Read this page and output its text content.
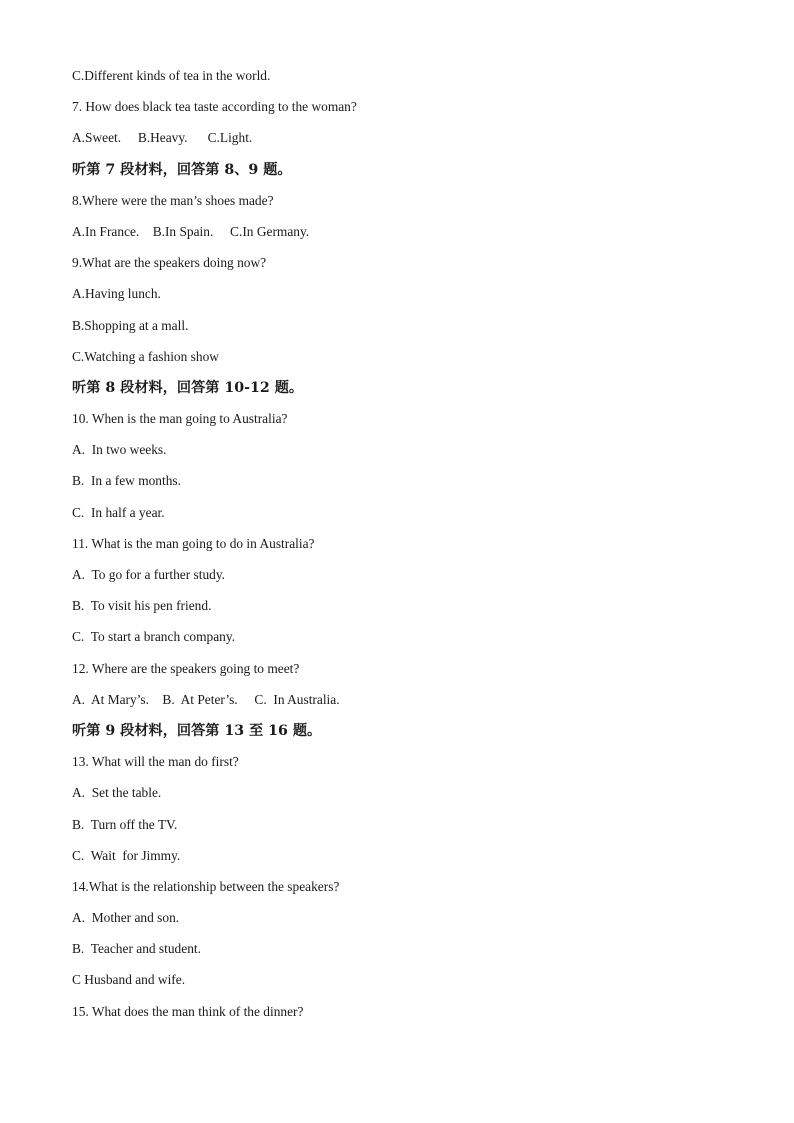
C.Different kinds of tea in the world.
7. How does black tea taste according to the woman?
A.Sweet.     B.Heavy.      C.Light.
听第 7 段材料，回答第 8、9 题。
8.Where were the man’s shoes made?
A.In France.    B.In Spain.     C.In Germany.
9.What are the speakers doing now?
A.Having lunch.
B.Shopping at a mall.
C.Watching a fashion show
听第 8 段材料，回答第 10-12 题。
10. When is the man going to Australia?
A.  In two weeks.
B.  In a few months.
C.  In half a year.
11. What is the man going to do in Australia?
A.  To go for a further study.
B.  To visit his pen friend.
C.  To start a branch company.
12. Where are the speakers going to meet?
A.  At Mary’s.    B.  At Peter’s.     C.  In Australia.
听第 9 段材料，回答第 13 至 16 题。
13. What will the man do first?
A.  Set the table.
B.  Turn off the TV.
C.  Wait  for Jimmy.
14.What is the relationship between the speakers?
A.  Mother and son.
B.  Teacher and student.
C Husband and wife.
15. What does the man think of the dinner?
